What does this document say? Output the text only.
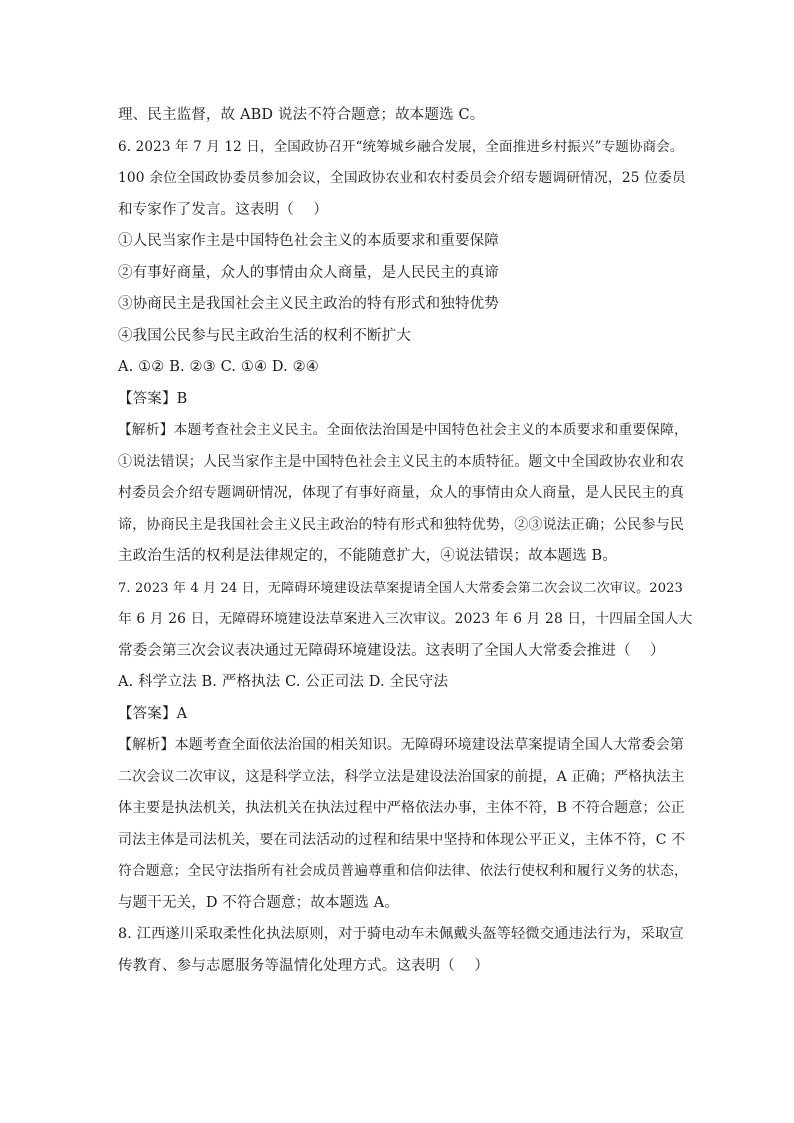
理、民主监督，故 ABD 说法不符合题意；故本题选 C。
6. 2023 年 7 月 12 日，全国政协召开“统筹城乡融合发展，全面推进乡村振兴”专题协商会。
100 余位全国政协委员参加会议，全国政协农业和农村委员会介绍专题调研情况，25 位委员
和专家作了发言。这表明（　 ）
①人民当家作主是中国特色社会主义的本质要求和重要保障
②有事好商量，众人的事情由众人商量，是人民民主的真谛
③协商民主是我国社会主义民主政治的特有形式和独特优势
④我国公民参与民主政治生活的权利不断扩大
A. ①② B. ②③ C. ①④ D. ②④
【答案】B
【解析】本题考查社会主义民主。全面依法治国是中国特色社会主义的本质要求和重要保障，
①说法错误；人民当家作主是中国特色社会主义民主的本质特征。题文中全国政协农业和农
村委员会介绍专题调研情况，体现了有事好商量，众人的事情由众人商量，是人民民主的真
谛，协商民主是我国社会主义民主政治的特有形式和独特优势，②③说法正确；公民参与民
主政治生活的权利是法律规定的，不能随意扩大，④说法错误；故本题选 B。
7. 2023 年 4 月 24 日，无障碍环境建设法草案提请全国人大常委会第二次会议二次审议。2023
年 6 月 26 日，无障碍环境建设法草案进入三次审议。2023 年 6 月 28 日，十四届全国人大
常委会第三次会议表决通过无障碍环境建设法。这表明了全国人大常委会推进（　 ）
A. 科学立法 B. 严格执法 C. 公正司法 D. 全民守法
【答案】A
【解析】本题考查全面依法治国的相关知识。无障碍环境建设法草案提请全国人大常委会第
二次会议二次审议，这是科学立法，科学立法是建设法治国家的前提，A 正确；严格执法主
体主要是执法机关，执法机关在执法过程中严格依法办事，主体不符，B 不符合题意；公正
司法主体是司法机关，要在司法活动的过程和结果中坚持和体现公平正义，主体不符，C 不
符合题意；全民守法指所有社会成员普遍尊重和信仰法律、依法行使权利和履行义务的状态，
与题干无关，D 不符合题意；故本题选 A。
8. 江西遂川采取柔性化执法原则，对于骑电动车未佩戴头盔等轻微交通违法行为，采取宣
传教育、参与志愿服务等温情化处理方式。这表明（　 ）
